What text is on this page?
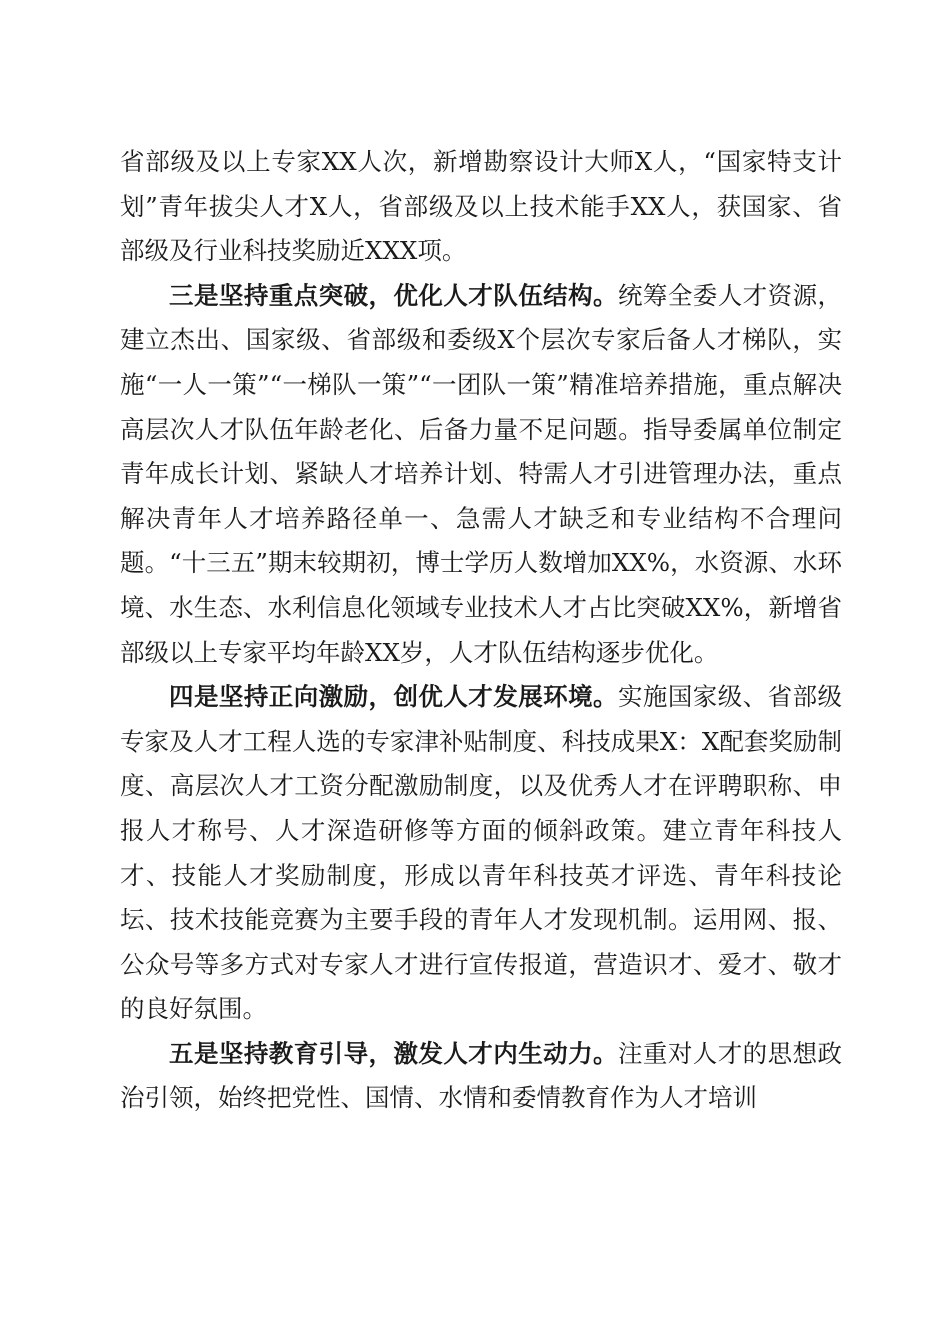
省部级及以上专家XX人次，新增勘察设计大师X人，“国家特支计划”青年拔尖人才X人，省部级及以上技术能手XX人，获国家、省部级及行业科技奖励近XXX项。

三是坚持重点突破，优化人才队伍结构。统筹全委人才资源，建立杰出、国家级、省部级和委级X个层次专家后备人才梯队，实施“一人一策”“一梯队一策”“一团队一策”精准培养措施，重点解决高层次人才队伍年龄老化、后备力量不足问题。指导委属单位制定青年成长计划、紧缺人才培养计划、特需人才引进管理办法，重点解决青年人才培养路径单一、急需人才缺乏和专业结构不合理问题。“十三五”期末较期初，博士学历人数增加XX%，水资源、水环境、水生态、水利信息化领域专业技术人才占比突破XX%，新增省部级以上专家平均年龄XX岁，人才队伍结构逐步优化。

四是坚持正向激励，创优人才发展环境。实施国家级、省部级专家及人才工程人选的专家津补贴制度、科技成果X：X配套奖励制度、高层次人才工资分配激励制度，以及优秀人才在评聘职称、申报人才称号、人才深造研修等方面的倾斜政策。建立青年科技人才、技能人才奖励制度，形成以青年科技英才评选、青年科技论坛、技术技能竞赛为主要手段的青年人才发现机制。运用网、报、公众号等多方式对专家人才进行宣传报道，营造识才、爱才、敬才的良好氛围。

五是坚持教育引导，激发人才内生动力。注重对人才的思想政治引领，始终把党性、国情、水情和委情教育作为人才培训
